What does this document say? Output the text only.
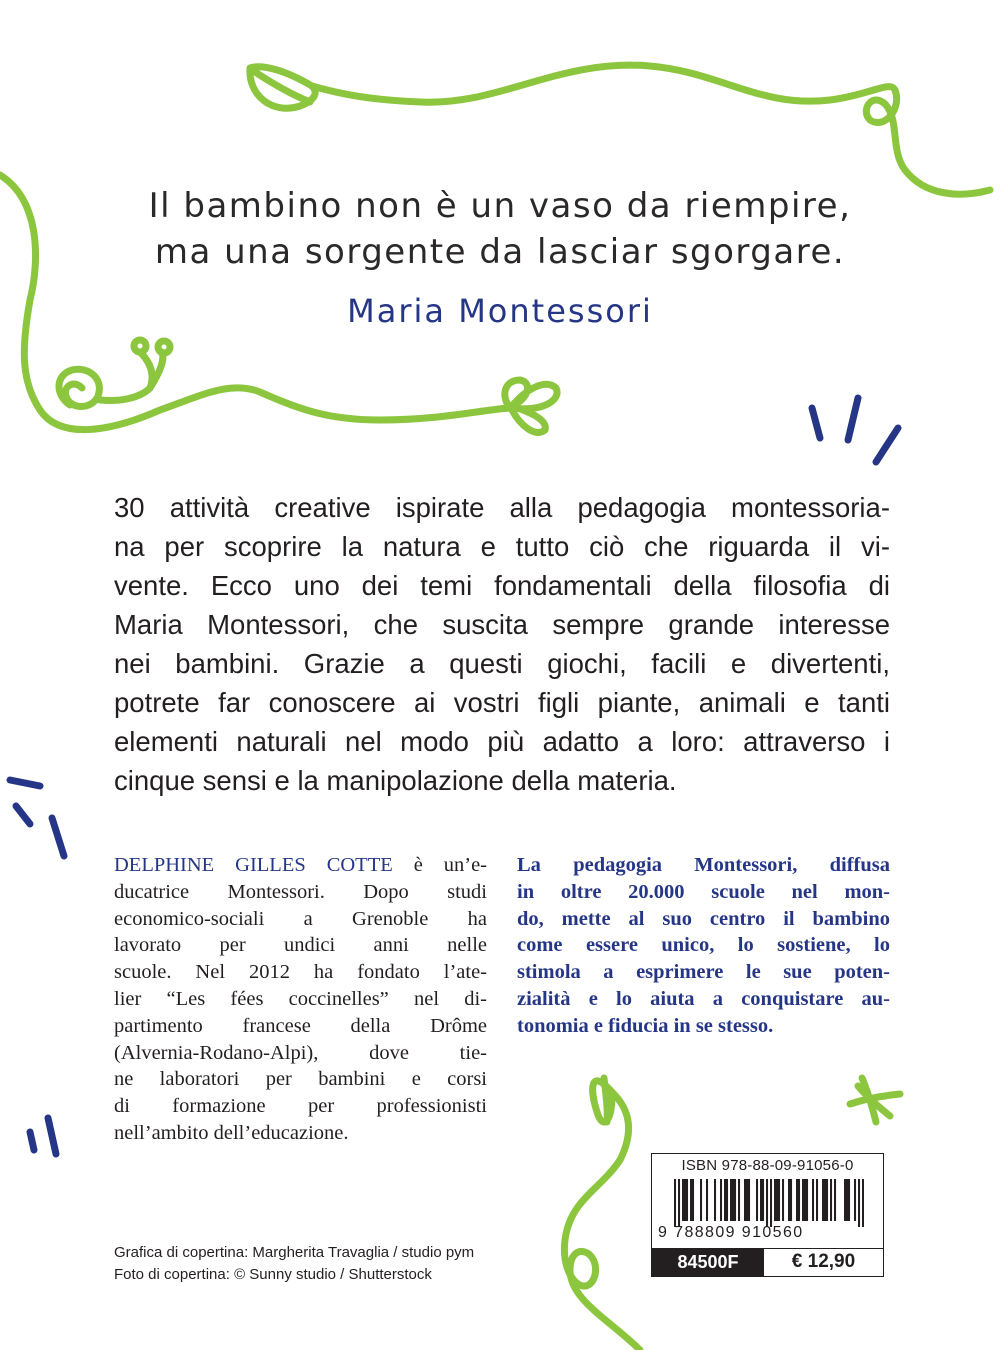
Il bambino non è un vaso da riempire,

ma una sorgente da lasciar sgorgare.

Maria Montessori

30 attività creative ispirate alla pedagogia montessoria-
na per scoprire la natura e tutto ciò che riguarda il vi-
vente. Ecco uno dei temi fondamentali della filosofia di
Maria Montessori, che suscita sempre grande interesse
nei bambini. Grazie a questi giochi, facili e divertenti,
potrete far conoscere ai vostri figli piante, animali e tanti
elementi naturali nel modo più adatto a loro: attraverso i
cinque sensi e la manipolazione della materia.
DELPHINE GILLES COTTE è un’e-
ducatrice Montessori. Dopo studi
economico-sociali a Grenoble ha
lavorato per undici anni nelle
scuole. Nel 2012 ha fondato l’ate-
lier “Les fées coccinelles” nel di-
partimento francese della Drôme
(Alvernia-Rodano-Alpi), dove tie-
ne laboratori per bambini e corsi
di formazione per professionisti
nell’ambito dell’educazione.
La pedagogia Montessori, diffusa
in oltre 20.000 scuole nel mon-
do, mette al suo centro il bambino
come essere unico, lo sostiene, lo
stimola a esprimere le sue poten-
zialità e lo aiuta a conquistare au-
tonomia e fiducia in se stesso.
Grafica di copertina: Margherita Travaglia / studio pym
Foto di copertina: © Sunny studio / Shutterstock
ISBN 978-88-09-91056-0
9 788809 910560
84500F	€ 12,90
